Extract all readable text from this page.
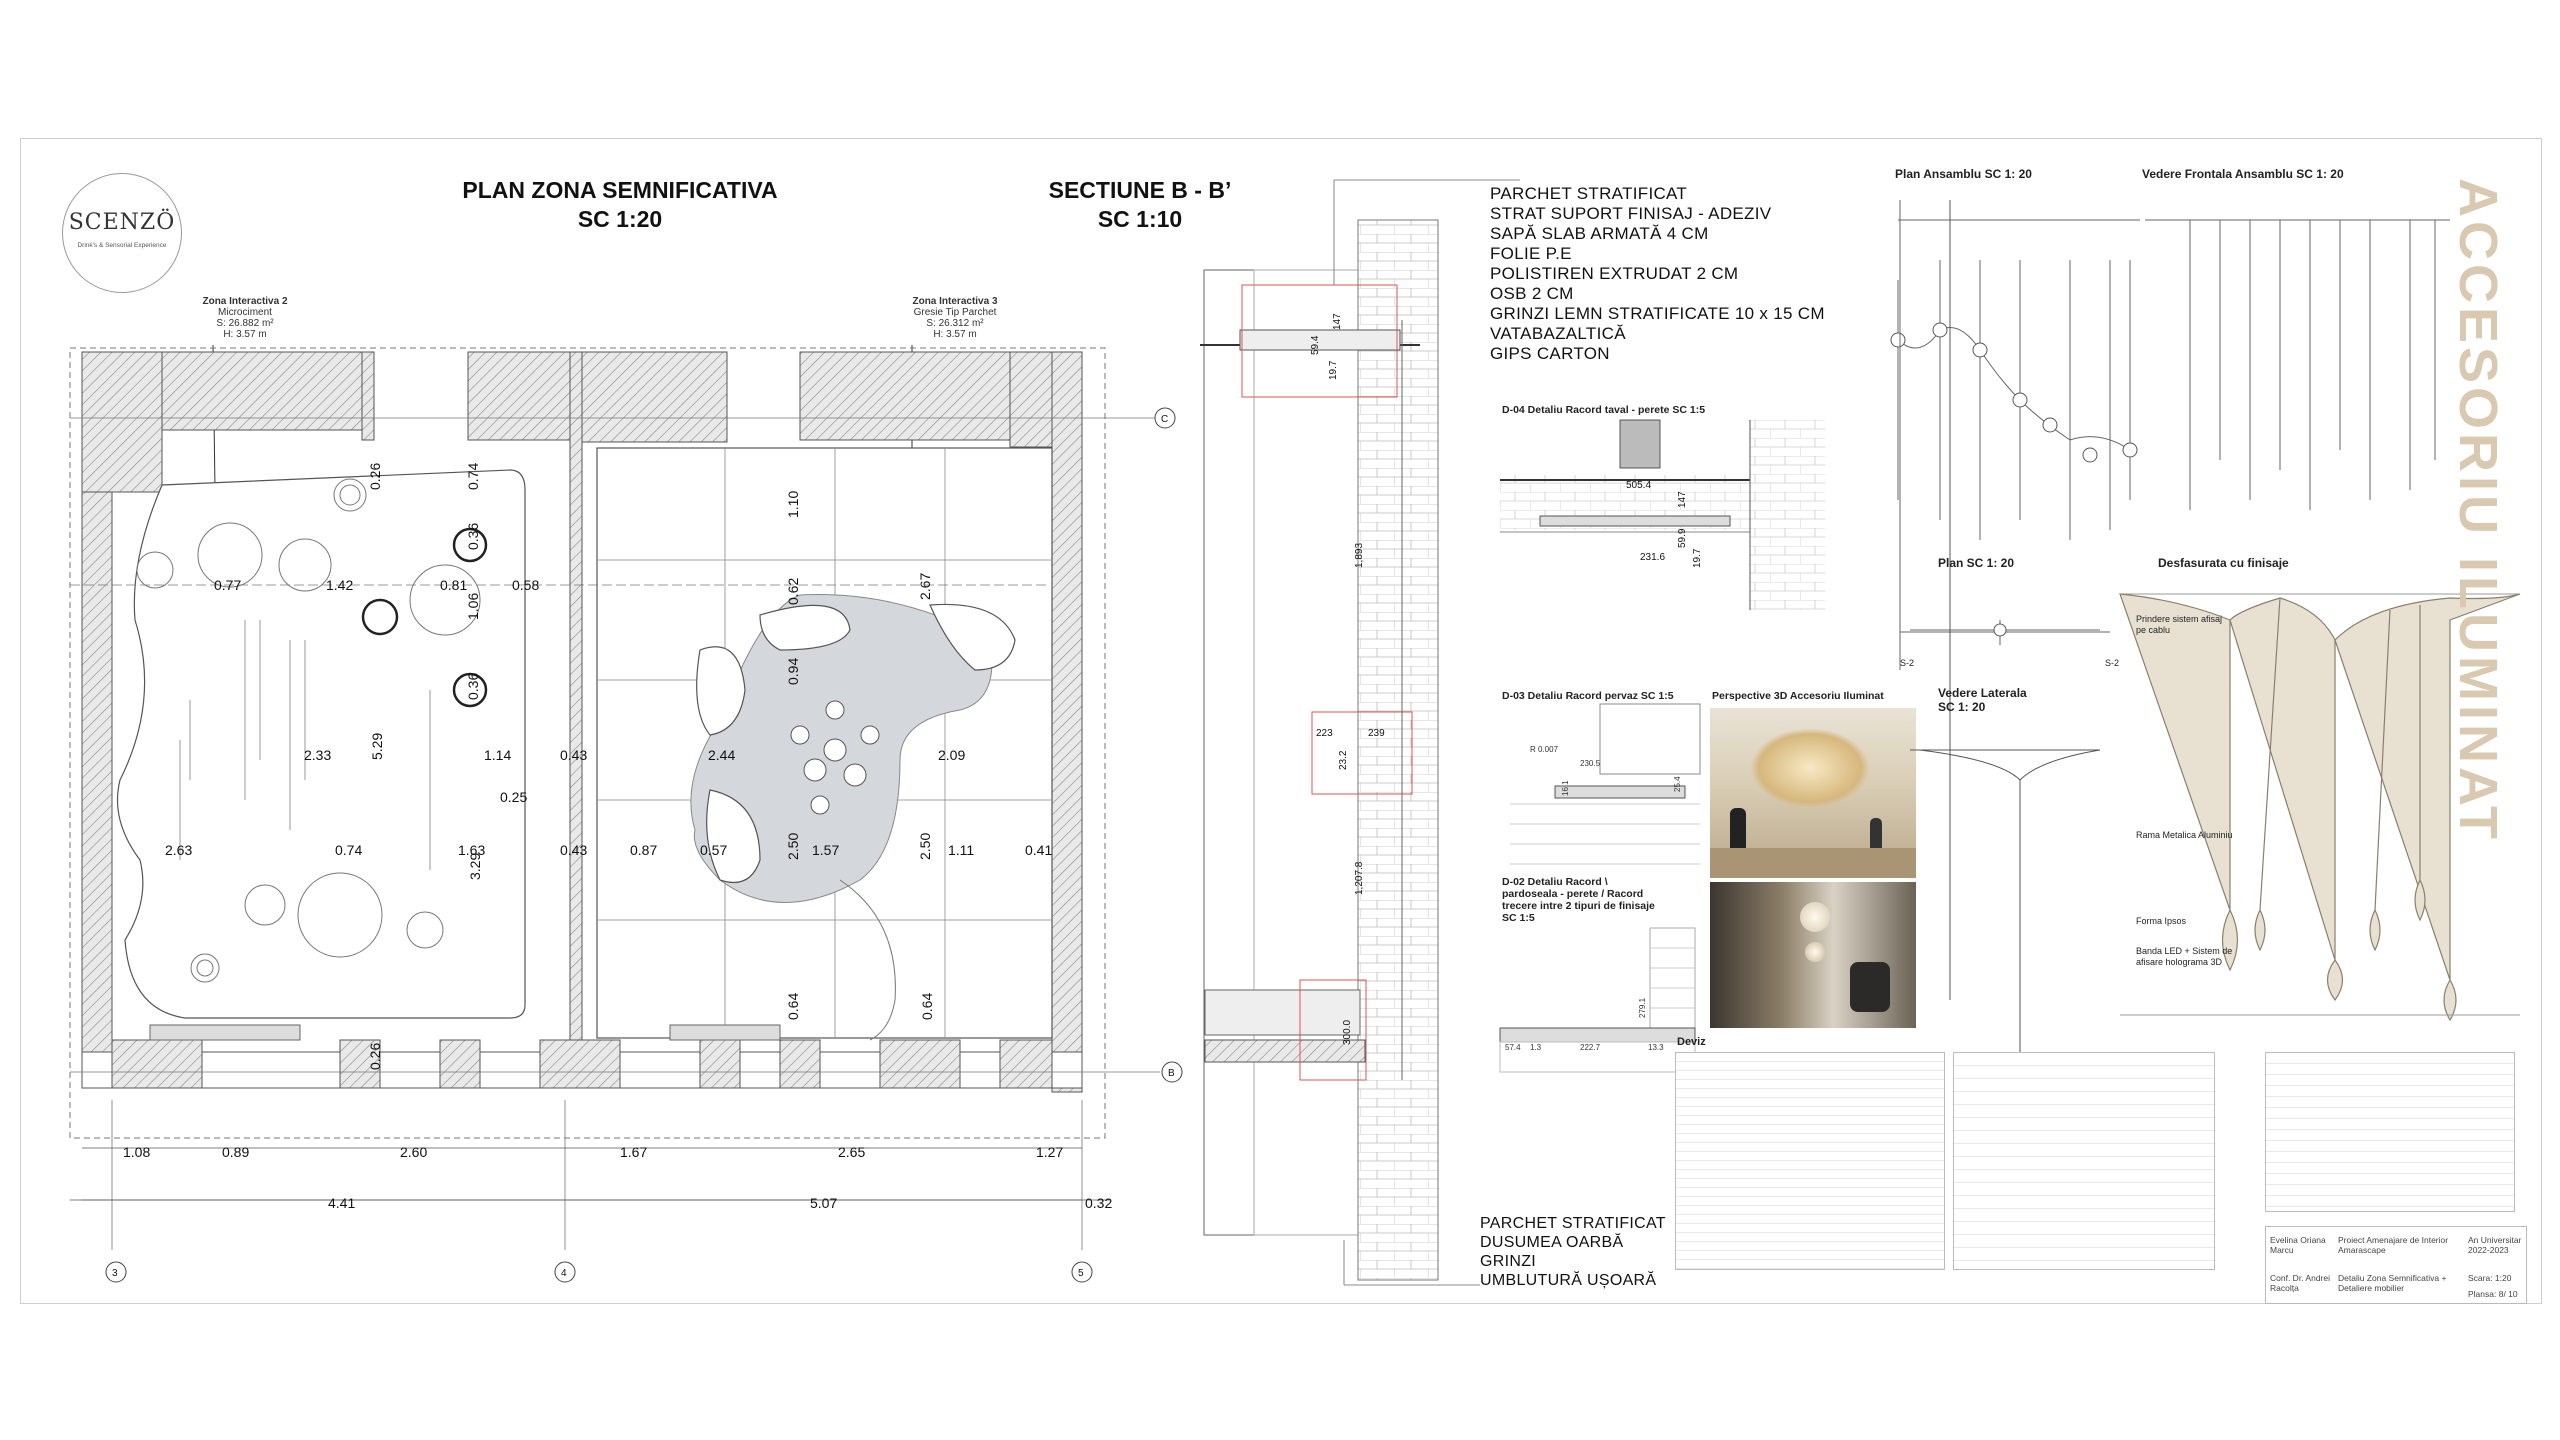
SCENZÖ
Drink's & Sensorial Experience
PLAN ZONA SEMNIFICATIVA
SC 1:20
SECTIUNE B - B’
SC 1:10
Zona Interactiva 2
Microciment
S: 26.882 m²
H: 3.57 m
Zona Interactiva 3
Gresie Tip Parchet
S: 26.312 m²
H: 3.57 m
C
B
3	4	5
0.26	0.74
0.36
0.36
0.77	1.42	0.81	0.58
1.06
2.33	5.29	1.14	0.43
0.25
2.63	0.74	1.63
3.29
0.43
0.26
1.10
0.62	2.67
0.94
2.44	2.09
0.87	0.57	2.50 1.57	2.50 1.11	0.41
0.64	0.64
1.08	0.89	2.60	1.67	2.65	1.27
4.41	5.07	0.32
59.4
147
19.7
1,893
223	239
23.2
1,207.8
300.0
PARCHET STRATIFICAT
STRAT SUPORT FINISAJ - ADEZIV
SAPĂ SLAB ARMATĂ 4 CM
FOLIE P.E
POLISTIREN EXTRUDAT 2 CM
OSB 2 CM
GRINZI LEMN STRATIFICATE 10 x 15 CM
VATABAZALTICĂ
GIPS CARTON
PARCHET STRATIFICAT
DUSUMEA OARBĂ
GRINZI
UMBLUTURĂ UȘOARĂ
D-04 Detaliu Racord taval - perete SC 1:5
505.4
231.6
147
59.9
19.7
D-03 Detaliu Racord pervaz SC 1:5
R 0.007
230.5
25.4
16.1
D-02 Detaliu Racord \ pardoseala - perete / Racord trecere intre 2 tipuri de finisaje SC 1:5
57.4 1.3	222.7	13.3
279.1
Perspective 3D Accesoriu Iluminat
Plan Ansamblu SC 1: 20	Vedere Frontala Ansamblu SC 1: 20
Plan SC 1: 20
S-2	S-2
Vedere Laterala
SC 1: 20
Desfasurata cu finisaje
Prindere sistem afisaj pe cablu
Rama Metalica Aluminiu
Forma Ipsos
Banda LED + Sistem de afisare holograma 3D
ACCESORIU ILUMINAT
Deviz
Evelina Oriana Marcu
Proiect Amenajare de Interior Amarascape
An Universitar 2022-2023
Conf. Dr. Andrei Racolța
Detaliu Zona Semnificativa + Detaliere mobilier
Scara: 1:20
Plansa: 8/ 10
